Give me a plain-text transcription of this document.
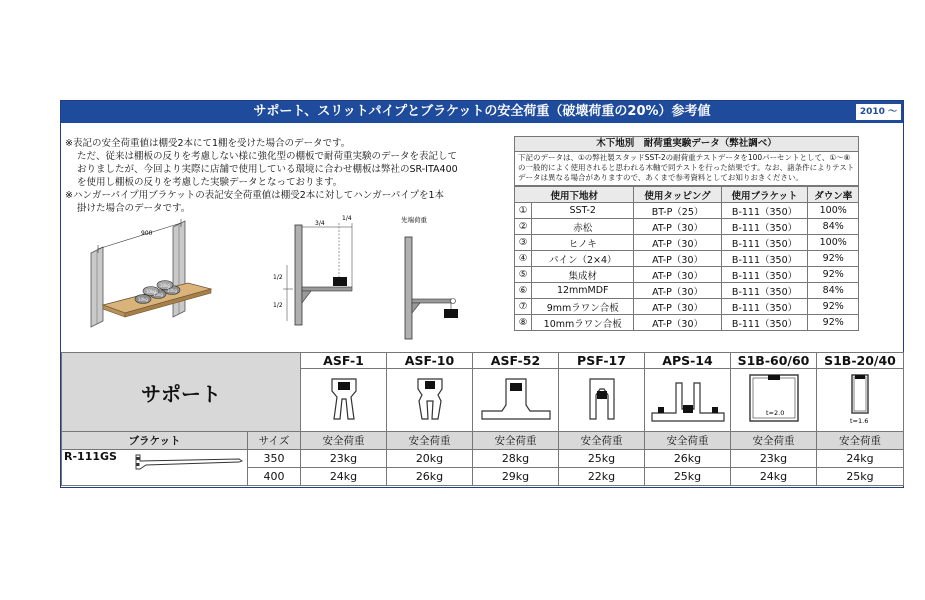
サポート、スリットパイプとブラケットの安全荷重（破壊荷重の20%）参考値	2010 〜

※表記の安全荷重値は棚受2本にて1棚を受けた場合のデータです。

ただ、従来は棚板の反りを考慮しない様に強化型の棚板で耐荷重実験のデータを表記して

おりましたが、今回より実際に店舗で使用している環境に合わせ棚板は弊社のSR-ITA400

を使用し棚板の反りを考慮した実験データとなっております。

※ハンガーパイプ用ブラケットの表記安全荷重値は棚受2本に対してハンガーパイプを1本

掛けた場合のデータです。

900
10kg
10kg
10kg
10kg
10kg
3/4
1/4
1/2
1/2
先端荷重
木下地別　耐荷重実験データ（弊社調べ）
下記のデータは、①の弊社製スタッドSST-2の耐荷重テストデータを100パーセントとして、①〜⑧の一般的によく使用されると思われる木軸で同テストを行った結果です。なお、諸条件によりテストデータは異なる場合がありますので、あくまで参考資料としてお知りおきください。
使用下地材		使用タッピング	使用ブラケット	ダウン率
①	SST-2	BT-P（25）	B-111（350）	100%
②	赤松	AT-P（30）	B-111（350）	84%
③	ヒノキ	AT-P（30）	B-111（350）	100%
④	パイン（2×4）	AT-P（30）	B-111（350）	92%
⑤	集成材	AT-P（30）	B-111（350）	92%
⑥	12mmMDF	AT-P（30）	B-111（350）	84%
⑦	9mmラワン合板	AT-P（30）	B-111（350）	92%
⑧	10mmラワン合板	AT-P（30）	B-111（350）	92%
サポート		ASF-1	ASF-10	ASF-52	PSF-17	APS-14	S1B-60/60	S1B-20/40

t=2.0	t=1.6

ブラケット	サイズ	安全荷重	安全荷重	安全荷重	安全荷重	安全荷重	安全荷重	安全荷重
R-111GS	350	23kg	20kg	28kg	25kg	26kg	23kg	24kg
	400	24kg	26kg	29kg	22kg	25kg	24kg	25kg
